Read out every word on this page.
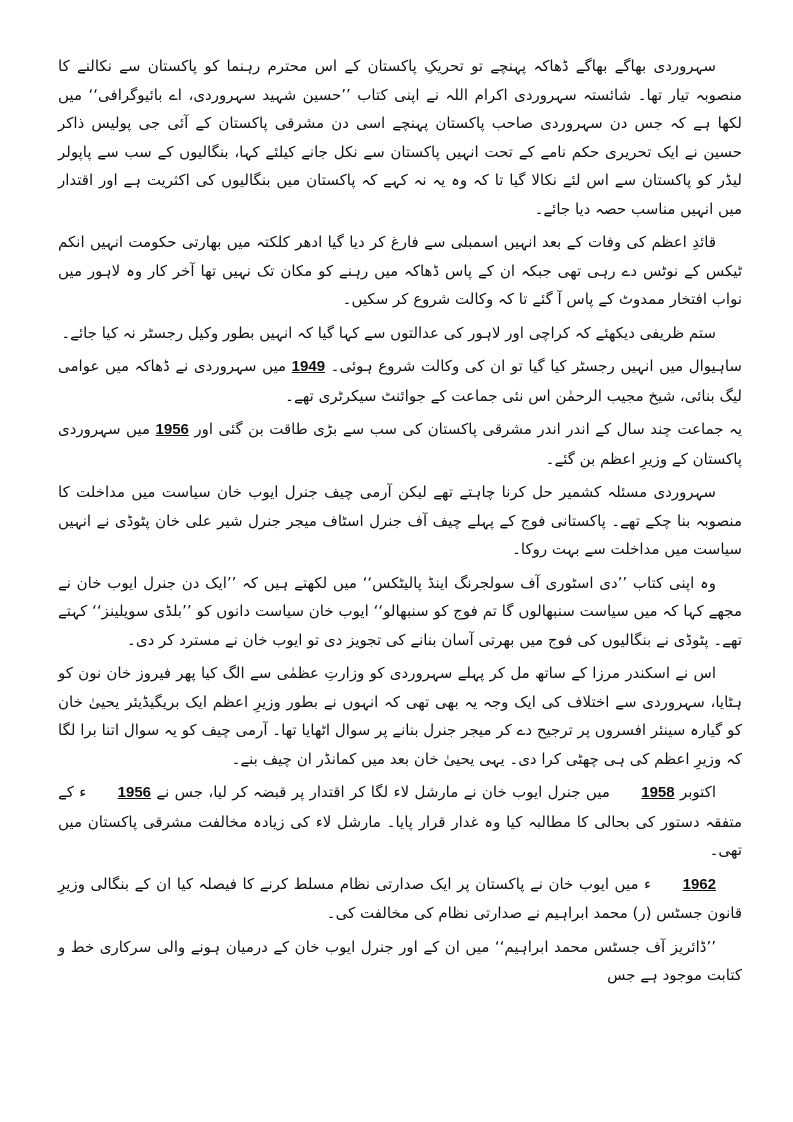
سہروردی بھاگے بھاگے ڈھاکہ پہنچے تو تحریکِ پاکستان کے اس محترم رہنما کو پاکستان سے نکالنے کا منصوبہ تیار تھا۔ شائستہ سہروردی اکرام اللہ نے اپنی کتاب ’’حسین شہید سہروردی، اے بائیوگرافی‘‘ میں لکھا ہے کہ جس دن سہروردی صاحب پاکستان پہنچے اسی دن مشرقی پاکستان کے آئی جی پولیس ذاکر حسین نے ایک تحریری حکم نامے کے تحت انہیں پاکستان سے نکل جانے کیلئے کہا، بنگالیوں کے سب سے پاپولر لیڈر کو پاکستان سے اس لئے نکالا گیا تا کہ وہ یہ نہ کہے کہ پاکستان میں بنگالیوں کی اکثریت ہے اور اقتدار میں انہیں مناسب حصہ دیا جائے۔

قائدِ اعظم کی وفات کے بعد انہیں اسمبلی سے فارغ کر دیا گیا ادھر کلکتہ میں بھارتی حکومت انہیں انکم ٹیکس کے نوٹس دے رہی تھی جبکہ ان کے پاس ڈھاکہ میں رہنے کو مکان تک نہیں تھا آخر کار وہ لاہور میں نواب افتخار ممدوٹ کے پاس آ گئے تا کہ وکالت شروع کر سکیں۔

ستم ظریفی دیکھئے کہ کراچی اور لاہور کی عدالتوں سے کہا گیا کہ انہیں بطور وکیل رجسٹر نہ کیا جائے۔

ساہیوال میں انہیں رجسٹر کیا گیا تو ان کی وکالت شروع ہوئی۔ 1949 میں سہروردی نے ڈھاکہ میں عوامی لیگ بنائی، شیخ مجیب الرحمٰن اس نئی جماعت کے جوائنٹ سیکرٹری تھے۔

یہ جماعت چند سال کے اندر اندر مشرقی پاکستان کی سب سے بڑی طاقت بن گئی اور 1956 میں سہروردی پاکستان کے وزیرِ اعظم بن گئے۔

سہروردی مسئلہ کشمیر حل کرنا چاہتے تھے لیکن آرمی چیف جنرل ایوب خان سیاست میں مداخلت کا منصوبہ بنا چکے تھے۔ پاکستانی فوج کے پہلے چیف آف جنرل اسٹاف میجر جنرل شیر علی خان پٹوڈی نے انہیں سیاست میں مداخلت سے بہت روکا۔

وہ اپنی کتاب ’’دی اسٹوری آف سولجرنگ اینڈ پالیٹکس‘‘ میں لکھتے ہیں کہ ’’ایک دن جنرل ایوب خان نے مجھے کہا کہ میں سیاست سنبھالوں گا تم فوج کو سنبھالو‘‘ ایوب خان سیاست دانوں کو ’’بلڈی سویلینز‘‘ کہتے تھے۔ پٹوڈی نے بنگالیوں کی فوج میں بھرتی آسان بنانے کی تجویز دی تو ایوب خان نے مسترد کر دی۔

اس نے اسکندر مرزا کے ساتھ مل کر پہلے سہروردی کو وزارتِ عظمٰی سے الگ کیا پھر فیروز خان نون کو ہٹایا، سہروردی سے اختلاف کی ایک وجہ یہ بھی تھی کہ انہوں نے بطور وزیرِ اعظم ایک بریگیڈیئر یحییٰ خان کو گیارہ سینئر افسروں پر ترجیح دے کر میجر جنرل بنانے پر سوال اٹھایا تھا۔ آرمی چیف کو یہ سوال اتنا برا لگا کہ وزیرِ اعظم کی ہی چھٹی کرا دی۔ یہی یحییٰ خان بعد میں کمانڈر ان چیف بنے۔

اکتوبر 1958 میں جنرل ایوب خان نے مارشل لاء لگا کر اقتدار پر قبضہ کر لیا، جس نے 1956 ء کے متفقہ دستور کی بحالی کا مطالبہ کیا وہ غدار قرار پایا۔ مارشل لاء کی زیادہ مخالفت مشرقی پاکستان میں تھی۔

1962 ء میں ایوب خان نے پاکستان پر ایک صدارتی نظام مسلط کرنے کا فیصلہ کیا ان کے بنگالی وزیرِ قانون جسٹس (ر) محمد ابراہیم نے صدارتی نظام کی مخالفت کی۔

’’ڈائریز آف جسٹس محمد ابراہیم‘‘ میں ان کے اور جنرل ایوب خان کے درمیان ہونے والی سرکاری خط و کتابت موجود ہے جس
